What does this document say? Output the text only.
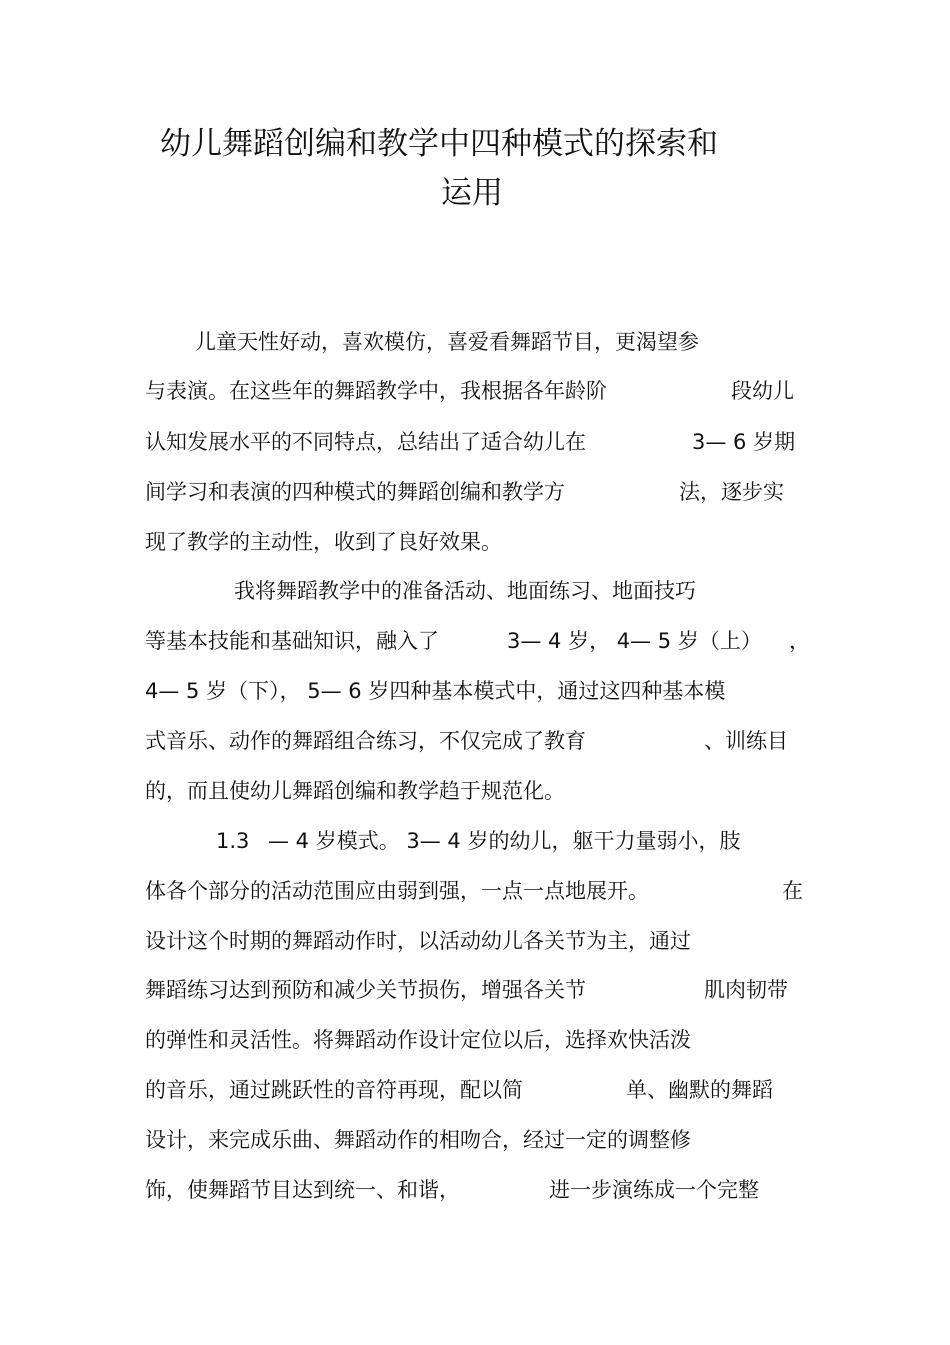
幼儿舞蹈创编和教学中四种模式的探索和
运用
儿童天性好动，喜欢模仿，喜爱看舞蹈节目，更渴望参
与表演。在这些年的舞蹈教学中，我根据各年龄阶	段幼儿
认知发展水平的不同特点，总结出了适合幼儿在	3— 6 岁期
间学习和表演的四种模式的舞蹈创编和教学方	法，逐步实
现了教学的主动性，收到了良好效果。
我将舞蹈教学中的准备活动、地面练习、地面技巧
等基本技能和基础知识，融入了	3— 4 岁， 4— 5 岁（上） ，
4— 5 岁（下）， 5— 6 岁四种基本模式中，通过这四种基本模
式音乐、动作的舞蹈组合练习，不仅完成了教育	、训练目
的，而且使幼儿舞蹈创编和教学趋于规范化。
1.3 — 4 岁模式。 3— 4 岁的幼儿，躯干力量弱小，肢
体各个部分的活动范围应由弱到强，一点一点地展开。	在
设计这个时期的舞蹈动作时，以活动幼儿各关节为主，通过
舞蹈练习达到预防和减少关节损伤，增强各关节	肌肉韧带
的弹性和灵活性。将舞蹈动作设计定位以后，选择欢快活泼
的音乐，通过跳跃性的音符再现，配以简	单、幽默的舞蹈
设计，来完成乐曲、舞蹈动作的相吻合，经过一定的调整修
饰，使舞蹈节目达到统一、和谐，	进一步演练成一个完整
